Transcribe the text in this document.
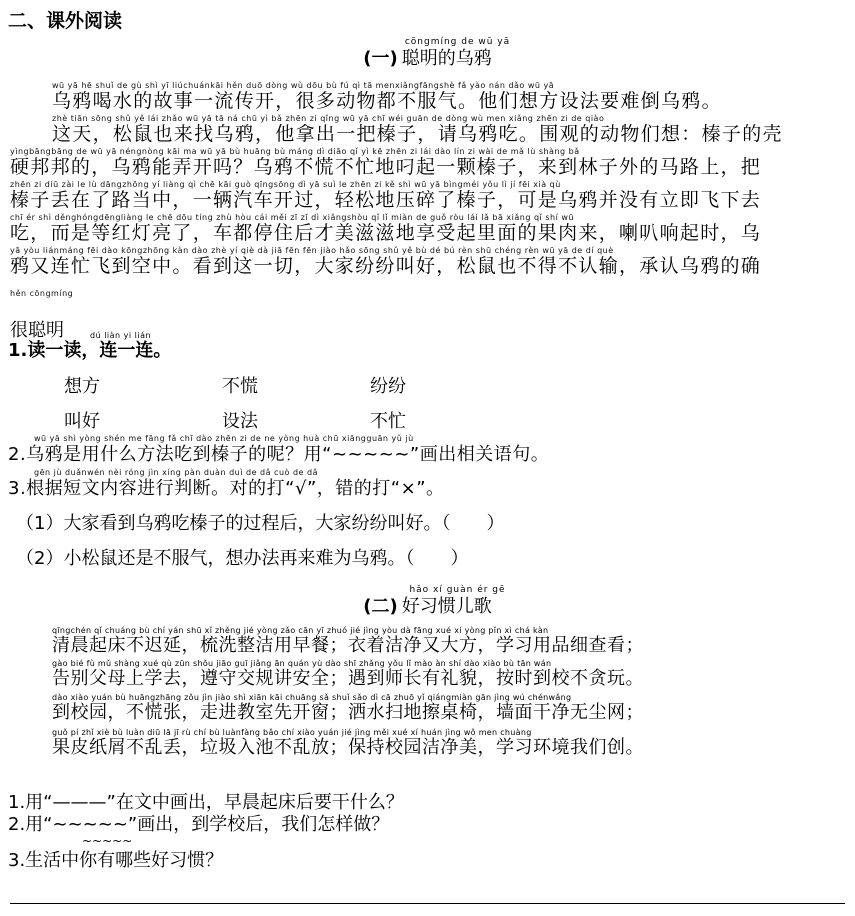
二、课外阅读
cōngmíng de wū yā
(一) 聪明的乌鸦
wū yā hē shuǐ de gù shì yī liúchuánkāi hěn duō dòng wù dōu bù fú qì tā menxiǎngfāngshè fǎ yào nán dǎo wū yā
乌鸦喝水的故事一流传开，很多动物都不服气。他们想方设法要难倒乌鸦。
zhè tiān sōng shǔ yě lái zhǎo wū yā tā ná chū yì bǎ zhēn zi qǐng wū yā chī wéi guān de dòng wù men xiǎng zhēn zi de qiào
这天，松鼠也来找乌鸦，他拿出一把榛子，请乌鸦吃。围观的动物们想：榛子的壳
yìngbāngbāng de wū yā néngnòng kāi ma wū yā bù huāng bù máng dì diāo qǐ yì kē zhēn zi lái dào lín zi wài de mǎ lù shàng bǎ
硬邦邦的，乌鸦能弄开吗？乌鸦不慌不忙地叼起一颗榛子，来到林子外的马路上，把
zhēn zi diū zài le lù dāngzhōng yí liàng qì chē kāi guò qīngsōng dì yā suì le zhēn zi kě shì wū yā bìngméi yǒu lì jí fēi xià qù
榛子丢在了路当中，一辆汽车开过，轻松地压碎了榛子，可是乌鸦并没有立即飞下去
chī ér shì děnghóngdēngliàng le chē dōu tíng zhù hòu cái měi zī zī dì xiǎngshòu qǐ lǐ miàn de guǒ ròu lái lǎ bā xiǎng qǐ shí wū
吃，而是等红灯亮了，车都停住后才美滋滋地享受起里面的果肉来，喇叭响起时，乌
yā yòu liánmáng fēi dào kōngzhōng kàn dào zhè yí qiè dà jiā fēn fēn jiào hǎo sōng shǔ yě bù dé bú rèn shū chéng rèn wū yā de dí què
鸦又连忙飞到空中。看到这一切，大家纷纷叫好，松鼠也不得不认输，承认乌鸦的确
hěn cōngmíng
dú liàn yi lián
很聪明
1.读一读，连一连。
想方
叫好
不慌
设法
纷纷
不忙
wū yā shì yòng shén me fāng fǎ chī dào zhēn zi de ne yòng huà chū xiāngguān yǔ jù
2.乌鸦是用什么方法吃到榛子的呢？用“~~~~~”画出相关语句。
gēn jù duǎnwén nèi róng jìn xíng pàn duàn duì de dǎ cuò de dǎ
3.根据短文内容进行判断。对的打“√”，错的打“×”。
（1）大家看到乌鸦吃榛子的过程后，大家纷纷叫好。（　　）
（2）小松鼠还是不服气，想办法再来难为乌鸦。（　　）
hǎo xí guàn ér gē
(二) 好习惯儿歌
qīngchén qǐ chuáng bù chí yán shū xǐ zhěng jié yòng zǎo cān yī zhuó jié jìng yòu dà fāng xué xí yòng pǐn xì chá kàn
清晨起床不迟延，梳洗整洁用早餐；衣着洁净又大方，学习用品细查看；
gào bié fù mǔ shàng xué qù zūn shǒu jiāo guī jiǎng ān quán yù dào shī zhǎng yǒu lǐ mào àn shí dào xiào bù tān wán
告别父母上学去，遵守交规讲安全；遇到师长有礼貌，按时到校不贪玩。
dào xiào yuán bù huāngzhāng zǒu jìn jiào shì xiān kāi chuāng sǎ shuǐ sǎo dì cā zhuō yǐ qiángmiàn gān jìng wú chénwǎng
到校园，不慌张，走进教室先开窗；洒水扫地擦桌椅，墙面干净无尘网；
guǒ pí zhǐ xiè bù luàn diū lā jī rù chí bù luànfàng bǎo chí xiào yuán jié jìng měi xué xí huán jìng wǒ men chuàng
果皮纸屑不乱丢，垃圾入池不乱放；保持校园洁净美，学习环境我们创。
1.用“———”在文中画出，早晨起床后要干什么？
2.用“~~~~~”画出，到学校后，我们怎样做？
~~~~~
3.生活中你有哪些好习惯？
